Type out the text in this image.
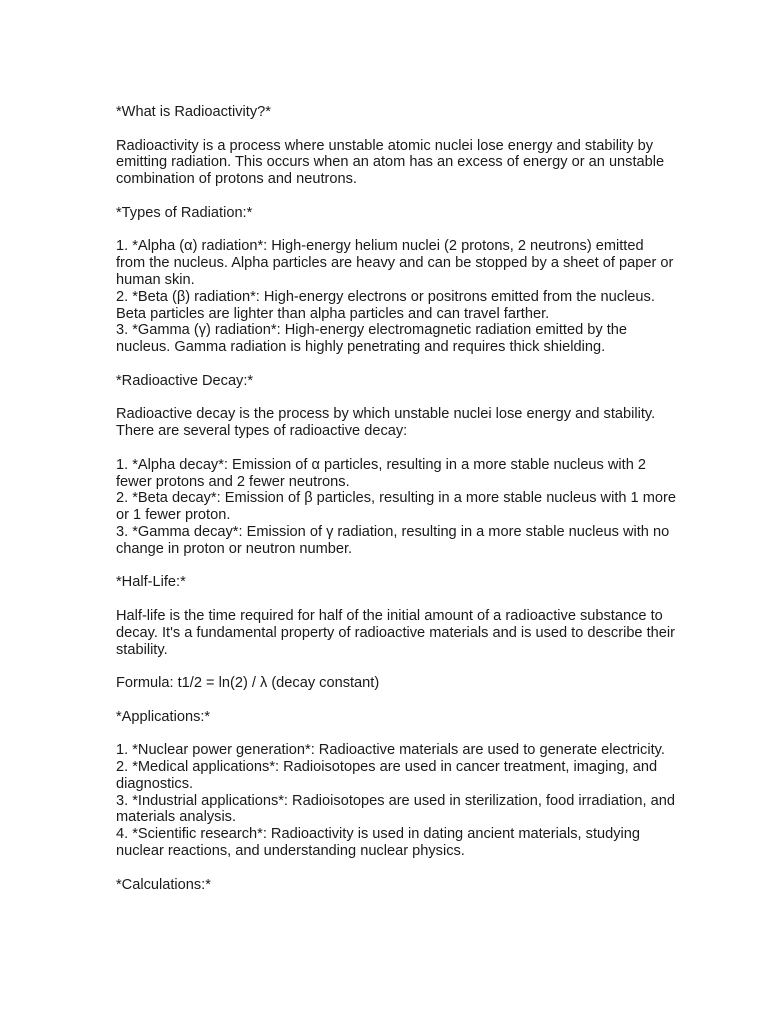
*What is Radioactivity?*

Radioactivity is a process where unstable atomic nuclei lose energy and stability by emitting radiation. This occurs when an atom has an excess of energy or an unstable combination of protons and neutrons.

*Types of Radiation:*

1. *Alpha (α) radiation*: High-energy helium nuclei (2 protons, 2 neutrons) emitted from the nucleus. Alpha particles are heavy and can be stopped by a sheet of paper or human skin.
2. *Beta (β) radiation*: High-energy electrons or positrons emitted from the nucleus. Beta particles are lighter than alpha particles and can travel farther.
3. *Gamma (γ) radiation*: High-energy electromagnetic radiation emitted by the nucleus. Gamma radiation is highly penetrating and requires thick shielding.

*Radioactive Decay:*

Radioactive decay is the process by which unstable nuclei lose energy and stability. There are several types of radioactive decay:

1. *Alpha decay*: Emission of α particles, resulting in a more stable nucleus with 2 fewer protons and 2 fewer neutrons.
2. *Beta decay*: Emission of β particles, resulting in a more stable nucleus with 1 more or 1 fewer proton.
3. *Gamma decay*: Emission of γ radiation, resulting in a more stable nucleus with no change in proton or neutron number.

*Half-Life:*

Half-life is the time required for half of the initial amount of a radioactive substance to decay. It's a fundamental property of radioactive materials and is used to describe their stability.

Formula: t1/2 = ln(2) / λ (decay constant)

*Applications:*

1. *Nuclear power generation*: Radioactive materials are used to generate electricity.
2. *Medical applications*: Radioisotopes are used in cancer treatment, imaging, and diagnostics.
3. *Industrial applications*: Radioisotopes are used in sterilization, food irradiation, and materials analysis.
4. *Scientific research*: Radioactivity is used in dating ancient materials, studying nuclear reactions, and understanding nuclear physics.

*Calculations:*
